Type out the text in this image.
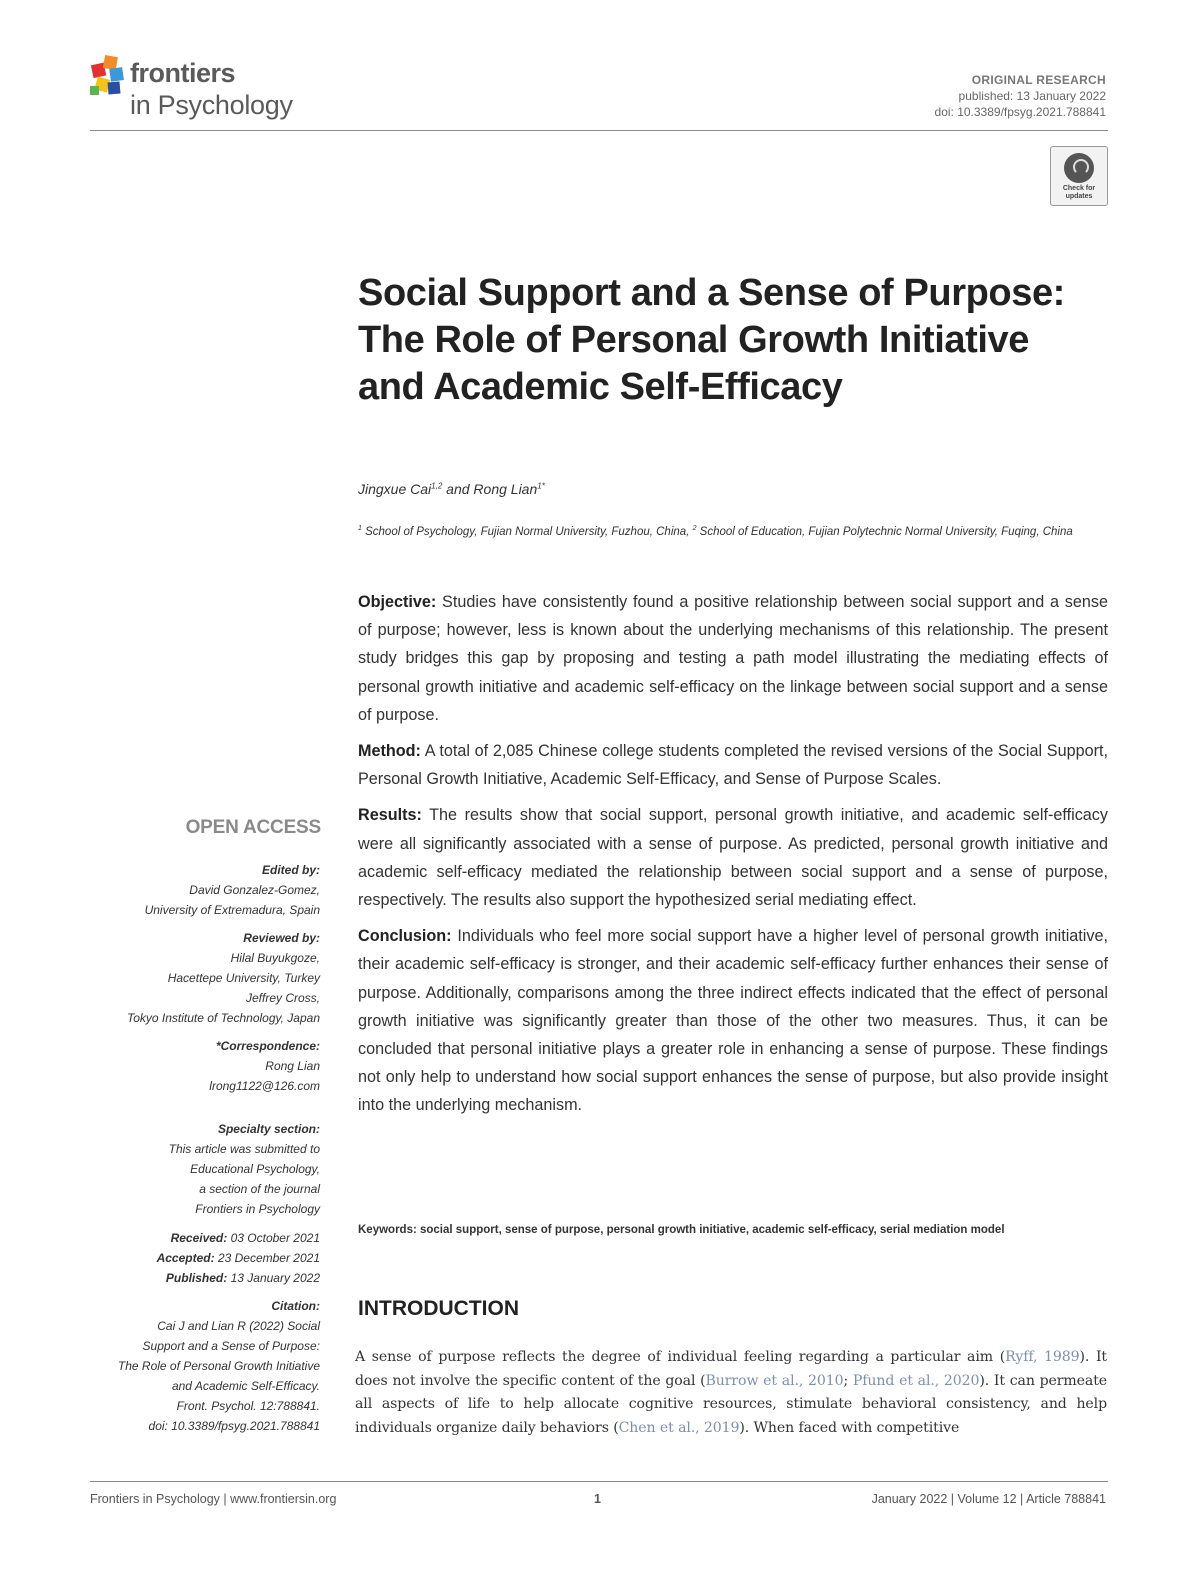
frontiers
in Psychology
ORIGINAL RESEARCH
published: 13 January 2022
doi: 10.3389/fpsyg.2021.788841
Check for updates
Social Support and a Sense of Purpose: The Role of Personal Growth Initiative and Academic Self-Efficacy
Jingxue Cai$^{1,2}$ and Rong Lian$^{1*}$
$^1$ School of Psychology, Fujian Normal University, Fuzhou, China, $^2$ School of Education, Fujian Polytechnic Normal University, Fuqing, China

Objective: Studies have consistently found a positive relationship between social support and a sense of purpose; however, less is known about the underlying mechanisms of this relationship. The present study bridges this gap by proposing and testing a path model illustrating the mediating effects of personal growth initiative and academic self-efficacy on the linkage between social support and a sense of purpose.

Method: A total of 2,085 Chinese college students completed the revised versions of the Social Support, Personal Growth Initiative, Academic Self-Efficacy, and Sense of Purpose Scales.

Results: The results show that social support, personal growth initiative, and academic self-efficacy were all significantly associated with a sense of purpose. As predicted, personal growth initiative and academic self-efficacy mediated the relationship between social support and a sense of purpose, respectively. The results also support the hypothesized serial mediating effect.

Conclusion: Individuals who feel more social support have a higher level of personal growth initiative, their academic self-efficacy is stronger, and their academic self-efficacy further enhances their sense of purpose. Additionally, comparisons among the three indirect effects indicated that the effect of personal growth initiative was significantly greater than those of the other two measures. Thus, it can be concluded that personal initiative plays a greater role in enhancing a sense of purpose. These findings not only help to understand how social support enhances the sense of purpose, but also provide insight into the underlying mechanism.

Keywords: social support, sense of purpose, personal growth initiative, academic self-efficacy, serial mediation model
INTRODUCTION
A sense of purpose reflects the degree of individual feeling regarding a particular aim (Ryff, 1989). It does not involve the specific content of the goal (Burrow et al., 2010; Pfund et al., 2020). It can permeate all aspects of life to help allocate cognitive resources, stimulate behavioral consistency, and help individuals organize daily behaviors (Chen et al., 2019). When faced with competitive
OPEN ACCESS
Edited by:
David Gonzalez-Gomez,
University of Extremadura, Spain
Reviewed by:
Hilal Buyukgoze,
Hacettepe University, Turkey
Jeffrey Cross,
Tokyo Institute of Technology, Japan
*Correspondence:
Rong Lian
lrong1122@126.com
Specialty section:
This article was submitted to
Educational Psychology,
a section of the journal
Frontiers in Psychology
Received: 03 October 2021
Accepted: 23 December 2021
Published: 13 January 2022
Citation:
Cai J and Lian R (2022) Social
Support and a Sense of Purpose:
The Role of Personal Growth Initiative
and Academic Self-Efficacy.
Front. Psychol. 12:788841.
doi: 10.3389/fpsyg.2021.788841
Frontiers in Psychology | www.frontiersin.org	1	January 2022 | Volume 12 | Article 788841
